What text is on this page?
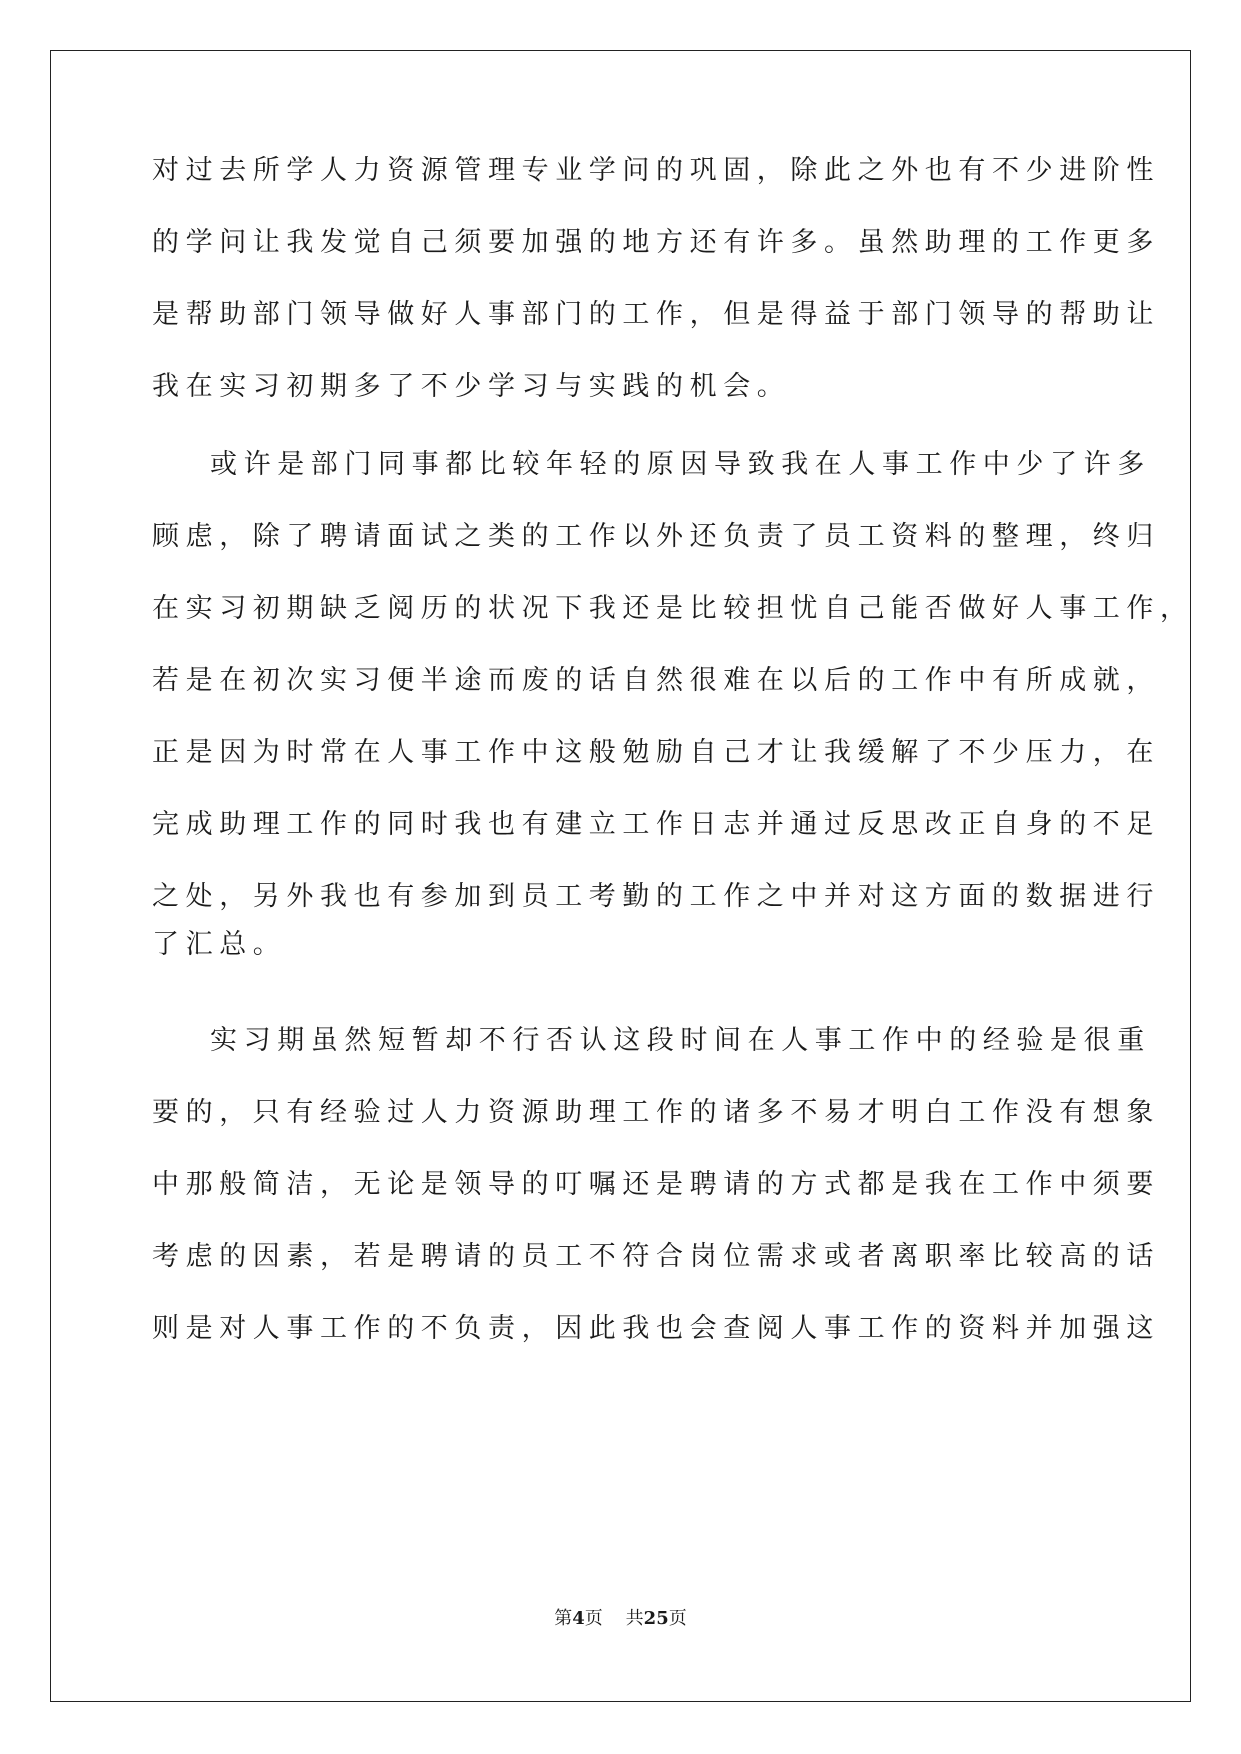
对过去所学人力资源管理专业学问的巩固，除此之外也有不少进阶性
的学问让我发觉自己须要加强的地方还有许多。虽然助理的工作更多
是帮助部门领导做好人事部门的工作，但是得益于部门领导的帮助让
我在实习初期多了不少学习与实践的机会。
或许是部门同事都比较年轻的原因导致我在人事工作中少了许多
顾虑，除了聘请面试之类的工作以外还负责了员工资料的整理，终归
在实习初期缺乏阅历的状况下我还是比较担忧自己能否做好人事工作，
若是在初次实习便半途而废的话自然很难在以后的工作中有所成就，
正是因为时常在人事工作中这般勉励自己才让我缓解了不少压力，在
完成助理工作的同时我也有建立工作日志并通过反思改正自身的不足
之处，另外我也有参加到员工考勤的工作之中并对这方面的数据进行
了汇总。
实习期虽然短暂却不行否认这段时间在人事工作中的经验是很重
要的，只有经验过人力资源助理工作的诸多不易才明白工作没有想象
中那般简洁，无论是领导的叮嘱还是聘请的方式都是我在工作中须要
考虑的因素，若是聘请的员工不符合岗位需求或者离职率比较高的话
则是对人事工作的不负责，因此我也会查阅人事工作的资料并加强这
第4页 共25页
